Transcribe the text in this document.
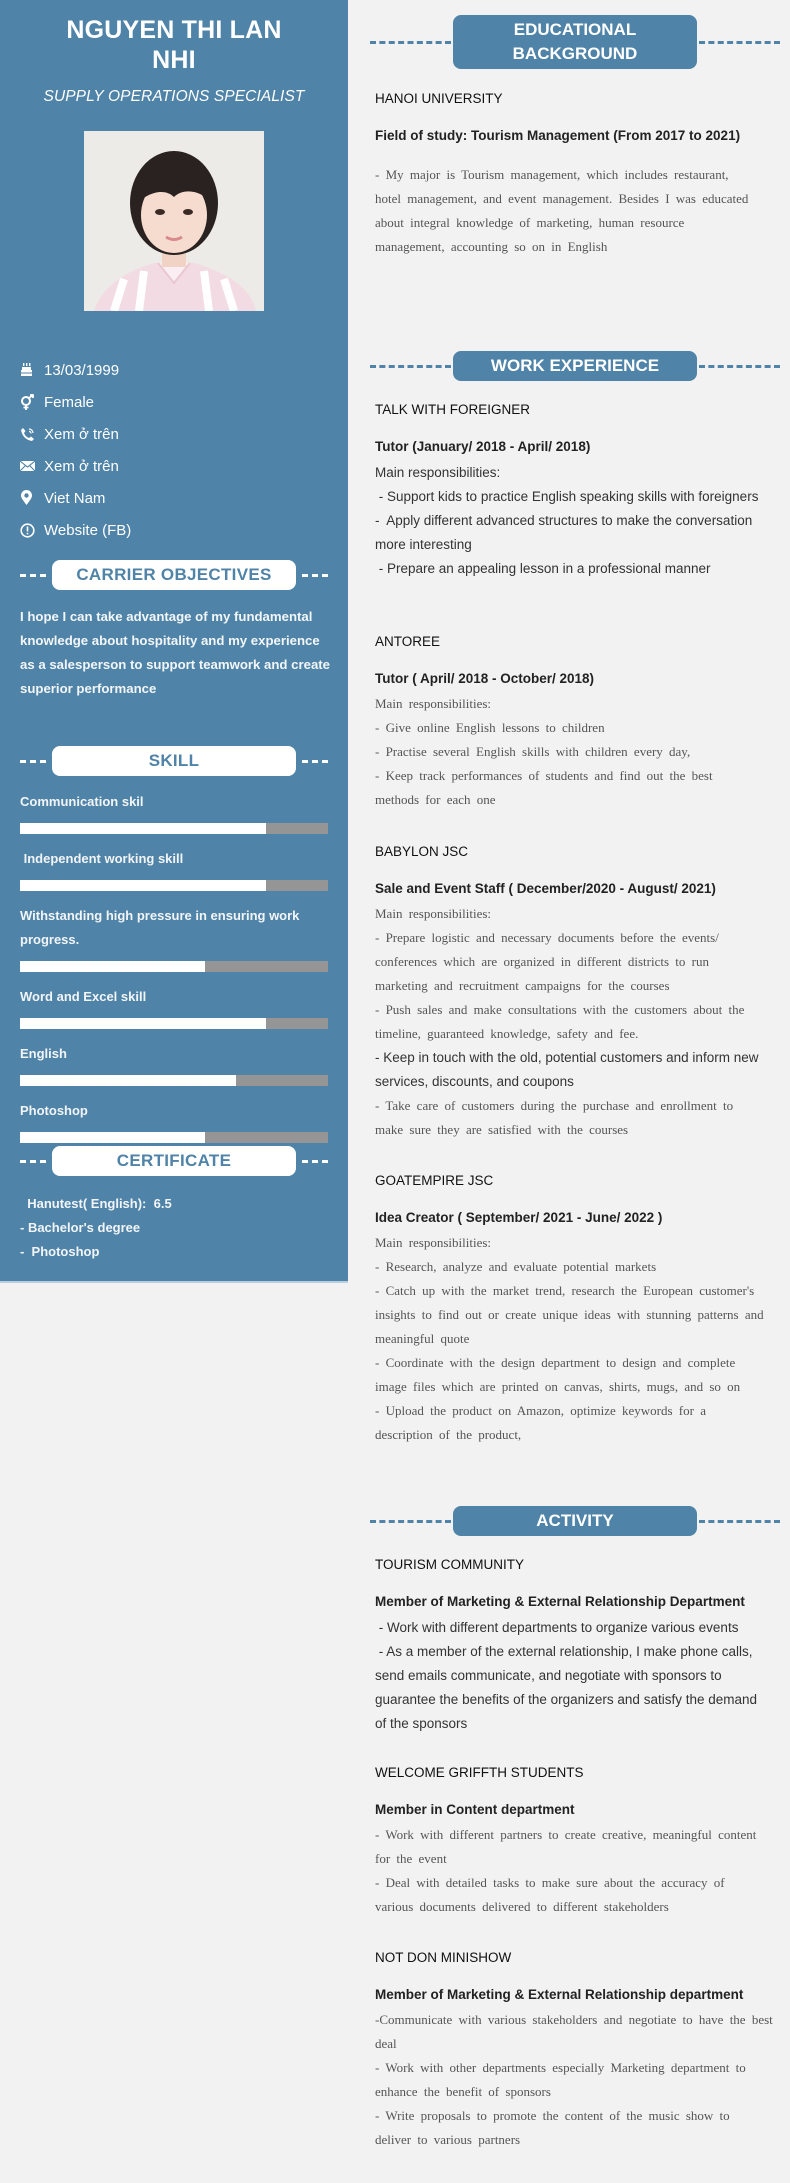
NGUYEN THI LAN NHI
SUPPLY OPERATIONS SPECIALIST
13/03/1999
Female
Xem ở trên
Xem ở trên
Viet Nam
Website (FB)
CARRIER OBJECTIVES

I hope I can take advantage of my fundamental knowledge about hospitality and my experience as a salesperson to support teamwork and create superior performance

SKILL
Communication skil
Independent working skill
Withstanding high pressure in ensuring work progress.
Word and Excel skill
English
Photoshop
CERTIFICATE
Hanutest( English):  6.5
- Bachelor's degree
-  Photoshop
EDUCATIONAL
BACKGROUND
HANOI UNIVERSITY
Field of study: Tourism Management (From 2017 to 2021)

- My major is Tourism management, which includes restaurant, hotel management, and event management. Besides I was educated about integral knowledge of marketing, human resource management, accounting so on in English

WORK EXPERIENCE
TALK WITH FOREIGNER
Tutor (January/ 2018 - April/ 2018)
Main responsibilities:
- Support kids to practice English speaking skills with foreigners
-  Apply different advanced structures to make the conversation more interesting
- Prepare an appealing lesson in a professional manner
ANTOREE
Tutor ( April/ 2018 - October/ 2018)
Main responsibilities:
- Give online English lessons to children
- Practise several English skills with children every day,
- Keep track performances of students and find out the best methods for each one
BABYLON JSC
Sale and Event Staff ( December/2020 - August/ 2021)
Main responsibilities:
- Prepare logistic and necessary documents before the events/ conferences which are organized in different districts to run marketing and recruitment campaigns for the courses
- Push sales and make consultations with the customers about the timeline, guaranteed knowledge, safety and fee.
- Keep in touch with the old, potential customers and inform new services, discounts, and coupons
- Take care of customers during the purchase and enrollment to make sure they are satisfied with the courses
GOATEMPIRE JSC
Idea Creator ( September/ 2021 - June/ 2022 )
Main responsibilities:
- Research, analyze and evaluate potential markets
- Catch up with the market trend, research the European customer's insights to find out or create unique ideas with stunning patterns and meaningful quote
- Coordinate with the design department to design and complete image files which are printed on canvas, shirts, mugs, and so on
- Upload the product on Amazon, optimize keywords for a description of the product,
ACTIVITY
TOURISM COMMUNITY
Member of Marketing & External Relationship Department
- Work with different departments to organize various events
- As a member of the external relationship, I make phone calls, send emails communicate, and negotiate with sponsors to guarantee the benefits of the organizers and satisfy the demand of the sponsors
WELCOME GRIFFTH STUDENTS
Member in Content department
- Work with different partners to create creative, meaningful content for the event
- Deal with detailed tasks to make sure about the accuracy of various documents delivered to different stakeholders
NOT DON MINISHOW
Member of Marketing & External Relationship department
-Communicate with various stakeholders and negotiate to have the best deal
- Work with other departments especially Marketing department to enhance the benefit of sponsors
- Write proposals to promote the content of the music show to deliver to various partners
